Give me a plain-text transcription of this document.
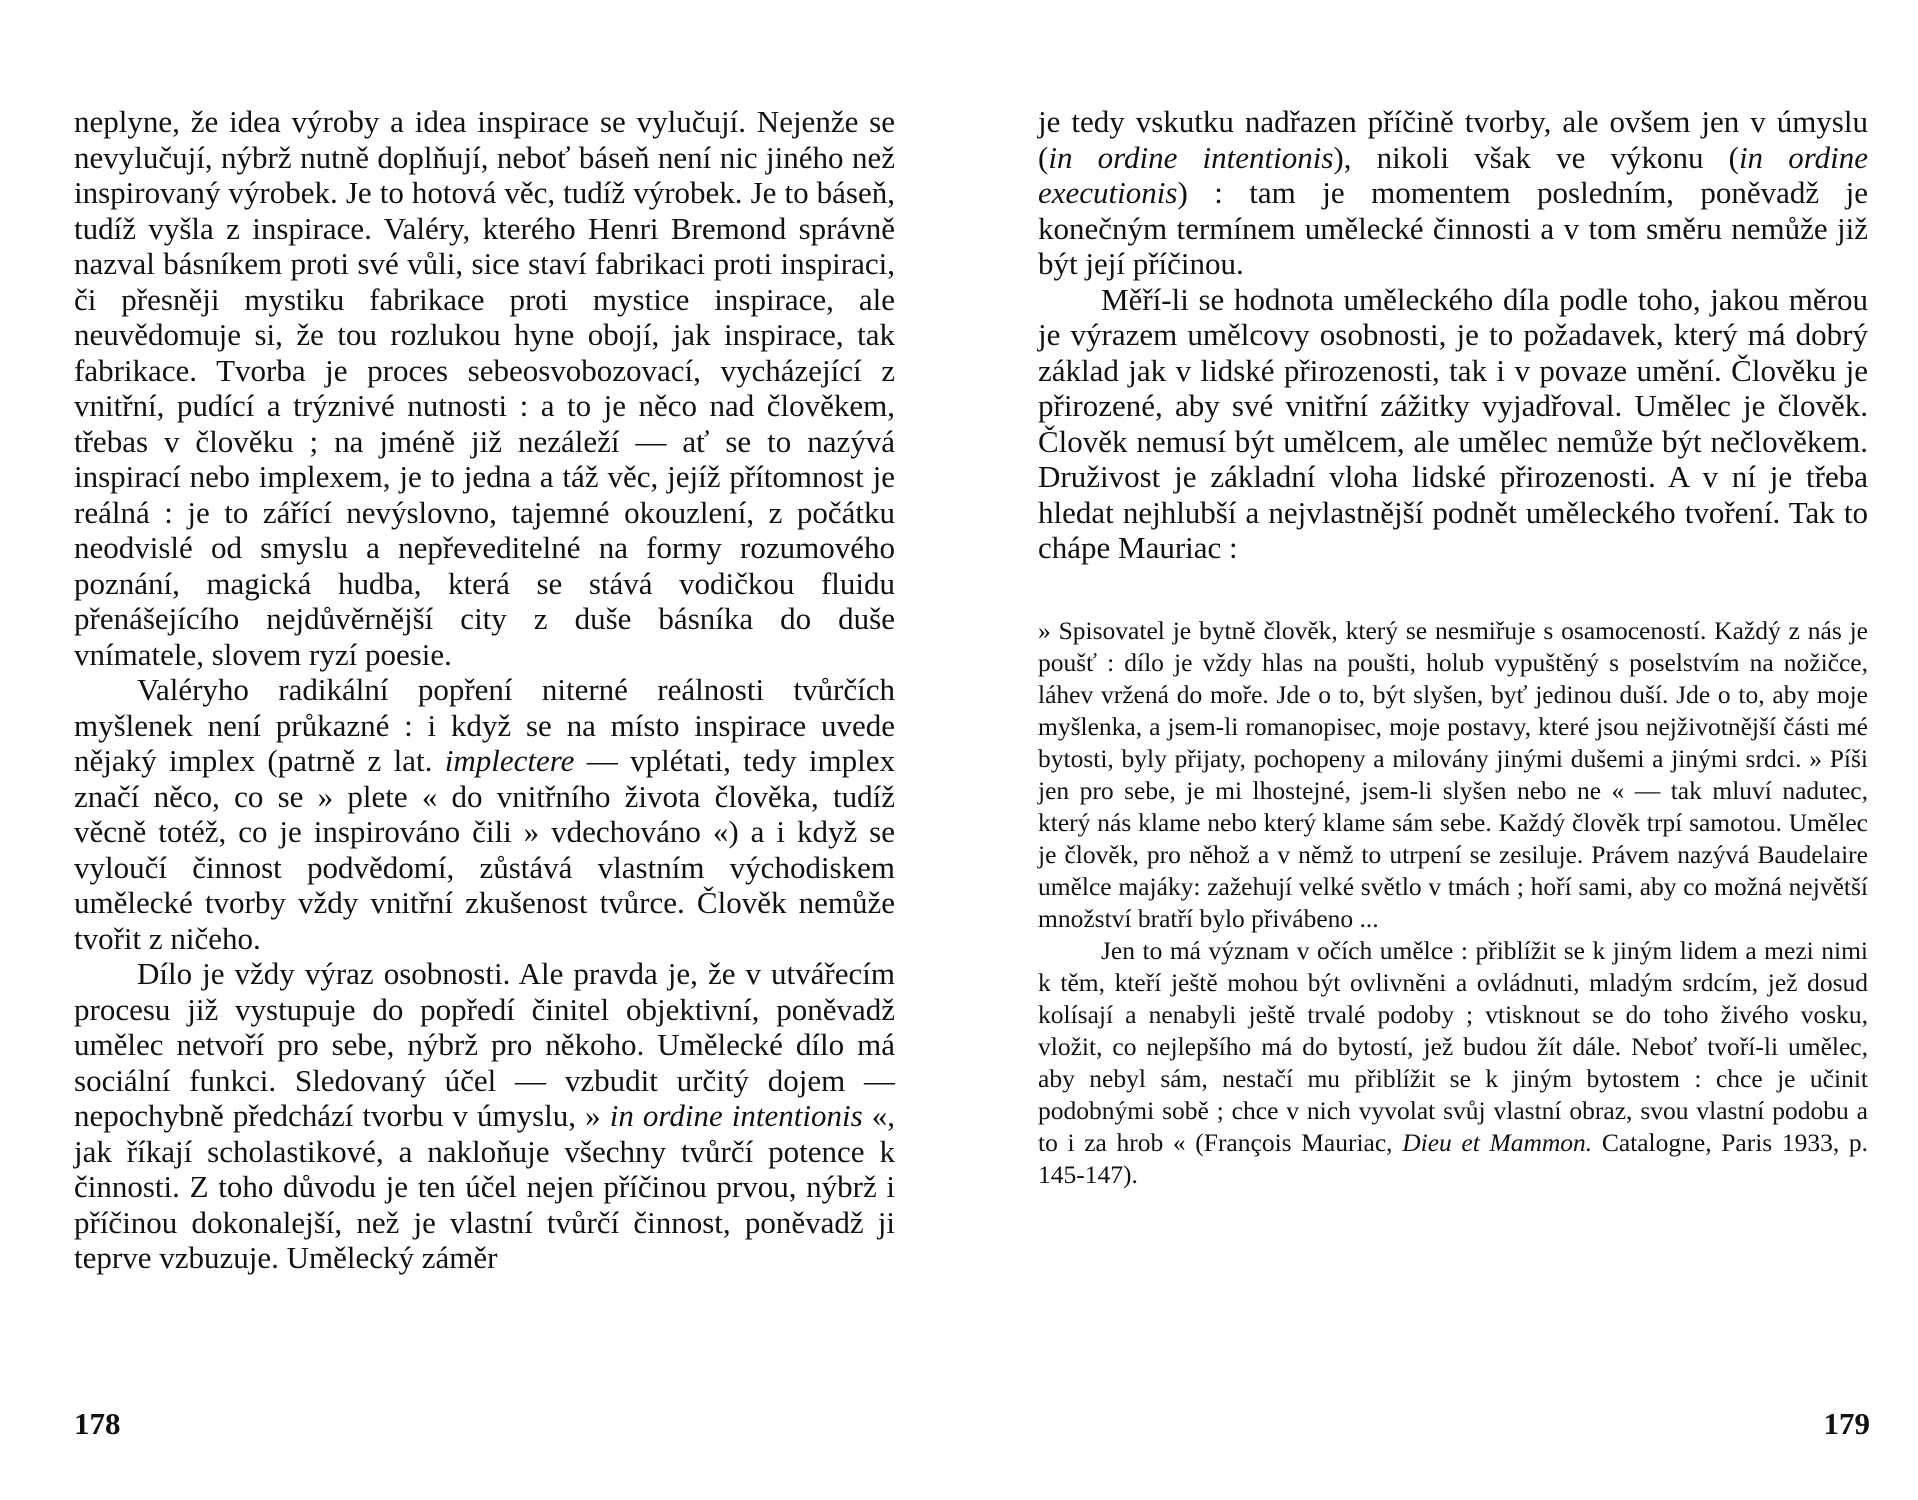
neplyne, že idea výroby a idea inspirace se vylučují. Nejenže se nevylučují, nýbrž nutně doplňují, neboť báseň není nic jiného než inspirovaný výrobek. Je to hotová věc, tudíž výrobek. Je to báseň, tudíž vyšla z inspirace. Valéry, kterého Henri Bremond správně nazval básníkem proti své vůli, sice staví fabrikaci proti inspiraci, či přesněji mystiku fabrikace proti mystice inspirace, ale neuvědomuje si, že tou rozlukou hyne obojí, jak inspirace, tak fabrikace. Tvorba je proces sebeosvobozovací, vycházející z vnitřní, pudící a trýznivé nutnosti : a to je něco nad člověkem, třebas v člověku ; na jméně již nezáleží — ať se to nazývá inspirací nebo implexem, je to jedna a táž věc, jejíž přítomnost je reálná : je to zářící nevýslovno, tajemné okouzlení, z počátku neodvislé od smyslu a nepřeveditelné na formy rozumového poznání, magická hudba, která se stává vodičkou fluidu přenášejícího nejdůvěrnější city z duše básníka do duše vnímatele, slovem ryzí poesie.

Valéryho radikální popření niterné reálnosti tvůrčích myšlenek není průkazné : i když se na místo inspirace uvede nějaký implex (patrně z lat. implectere — vplétati, tedy implex značí něco, co se » plete « do vnitřního života člověka, tudíž věcně totéž, co je inspirováno čili » vdechováno «) a i když se vyloučí činnost podvědomí, zůstává vlastním východiskem umělecké tvorby vždy vnitřní zkušenost tvůrce. Člověk nemůže tvořit z ničeho.

Dílo je vždy výraz osobnosti. Ale pravda je, že v utvářecím procesu již vystupuje do popředí činitel objektivní, poněvadž umělec netvoří pro sebe, nýbrž pro někoho. Umělecké dílo má sociální funkci. Sledovaný účel — vzbudit určitý dojem — nepochybně předchází tvorbu v úmyslu, » in ordine intentionis «, jak říkají scholastikové, a nakloňuje všechny tvůrčí potence k činnosti. Z toho důvodu je ten účel nejen příčinou prvou, nýbrž i příčinou dokonalejší, než je vlastní tvůrčí činnost, poněvadž ji teprve vzbuzuje. Umělecký záměr

178

je tedy vskutku nadřazen příčině tvorby, ale ovšem jen v úmyslu (in ordine intentionis), nikoli však ve výkonu (in ordine executionis) : tam je momentem posledním, poněvadž je konečným termínem umělecké činnosti a v tom směru nemůže již být její příčinou.

Měří-li se hodnota uměleckého díla podle toho, jakou měrou je výrazem umělcovy osobnosti, je to požadavek, který má dobrý základ jak v lidské přirozenosti, tak i v povaze umění. Člověku je přirozené, aby své vnitřní zážitky vyjadřoval. Umělec je člověk. Člověk nemusí být umělcem, ale umělec nemůže být nečlověkem. Druživost je základní vloha lidské přirozenosti. A v ní je třeba hledat nejhlubší a nejvlastnější podnět uměleckého tvoření. Tak to chápe Mauriac :

» Spisovatel je bytně člověk, který se nesmiřuje s osamoceností. Každý z nás je poušť : dílo je vždy hlas na poušti, holub vypuštěný s poselstvím na nožičce, láhev vržená do moře. Jde o to, být slyšen, byť jedinou duší. Jde o to, aby moje myšlenka, a jsem-li romanopisec, moje postavy, které jsou nejživotnější části mé bytosti, byly přijaty, pochopeny a milovány jinými dušemi a jinými srdci. » Píši jen pro sebe, je mi lhostejné, jsem-li slyšen nebo ne « — tak mluví nadutec, který nás klame nebo který klame sám sebe. Každý člověk trpí samotou. Umělec je člověk, pro něhož a v němž to utrpení se zesiluje. Právem nazývá Baudelaire umělce majáky: zažehují velké světlo v tmách ; hoří sami, aby co možná největší množství bratří bylo přivábeno ...

Jen to má význam v očích umělce : přiblížit se k jiným lidem a mezi nimi k těm, kteří ještě mohou být ovlivněni a ovládnuti, mladým srdcím, jež dosud kolísají a nenabyli ještě trvalé podoby ; vtisknout se do toho živého vosku, vložit, co nejlepšího má do bytostí, jež budou žít dále. Neboť tvoří-li umělec, aby nebyl sám, nestačí mu přiblížit se k jiným bytostem : chce je učinit podobnými sobě ; chce v nich vyvolat svůj vlastní obraz, svou vlastní podobu a to i za hrob « (François Mauriac, Dieu et Mammon. Catalogne, Paris 1933, p. 145-147).

179
